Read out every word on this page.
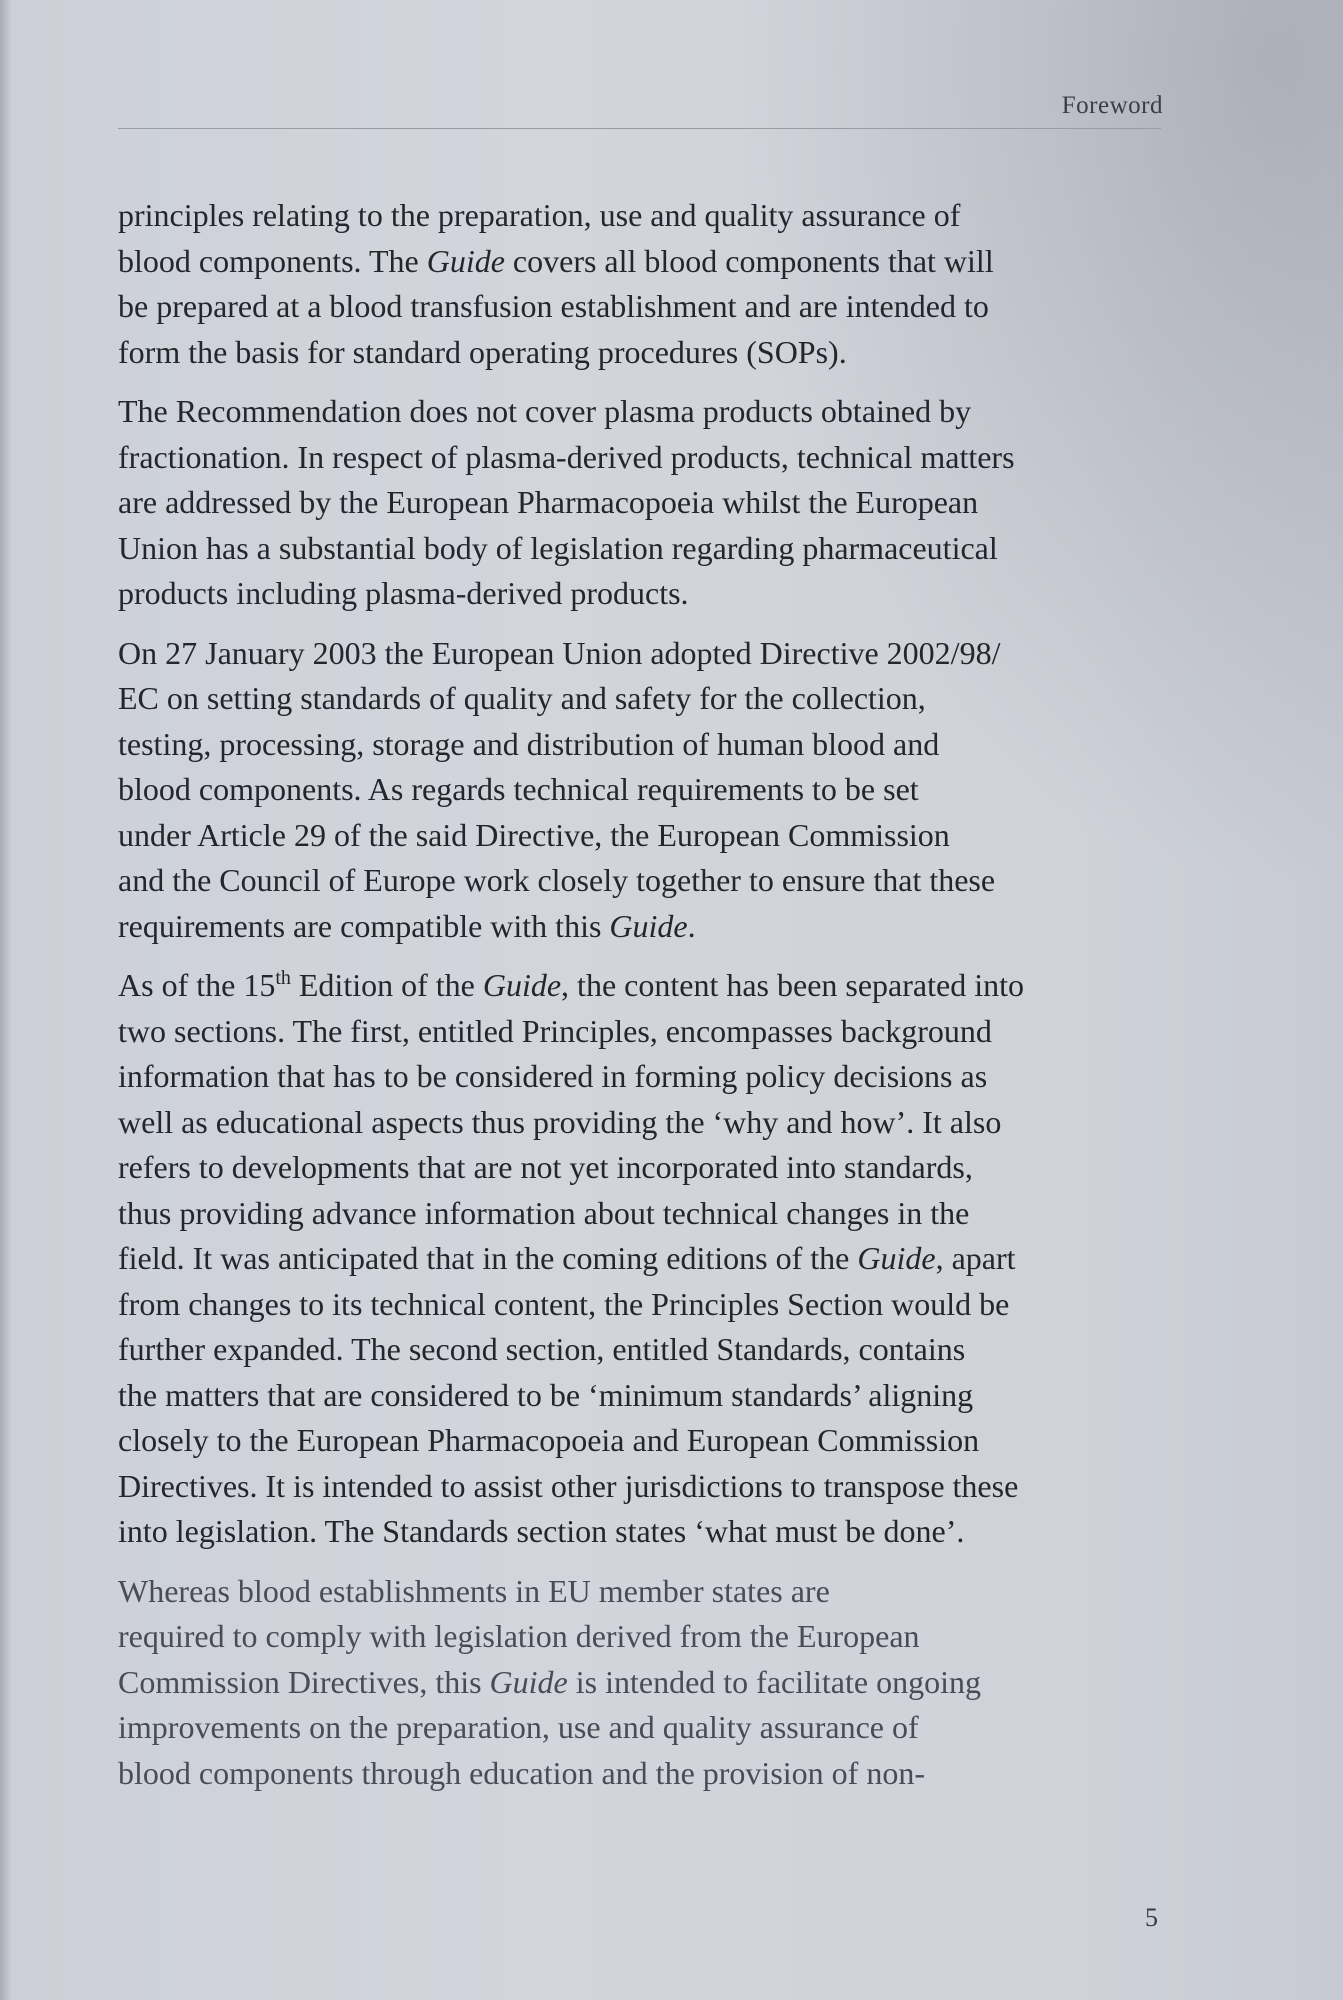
Foreword

principles relating to the preparation, use and quality assurance of
blood components. The Guide covers all blood components that will
be prepared at a blood transfusion establishment and are intended to
form the basis for standard operating procedures (SOPs).

The Recommendation does not cover plasma products obtained by
fractionation. In respect of plasma-derived products, technical matters
are addressed by the European Pharmacopoeia whilst the European
Union has a substantial body of legislation regarding pharmaceutical
products including plasma-derived products.

On 27 January 2003 the European Union adopted Directive 2002/98/
EC on setting standards of quality and safety for the collection,
testing, processing, storage and distribution of human blood and
blood components. As regards technical requirements to be set
under Article 29 of the said Directive, the European Commission
and the Council of Europe work closely together to ensure that these
requirements are compatible with this Guide.

As of the 15th Edition of the Guide, the content has been separated into
two sections. The first, entitled Principles, encompasses background
information that has to be considered in forming policy decisions as
well as educational aspects thus providing the ‘why and how’. It also
refers to developments that are not yet incorporated into standards,
thus providing advance information about technical changes in the
field. It was anticipated that in the coming editions of the Guide, apart
from changes to its technical content, the Principles Section would be
further expanded. The second section, entitled Standards, contains
the matters that are considered to be ‘minimum standards’ aligning
closely to the European Pharmacopoeia and European Commission
Directives. It is intended to assist other jurisdictions to transpose these
into legislation. The Standards section states ‘what must be done’.

Whereas blood establishments in EU member states are
required to comply with legislation derived from the European
Commission Directives, this Guide is intended to facilitate ongoing
improvements on the preparation, use and quality assurance of
blood components through education and the provision of non-

5
